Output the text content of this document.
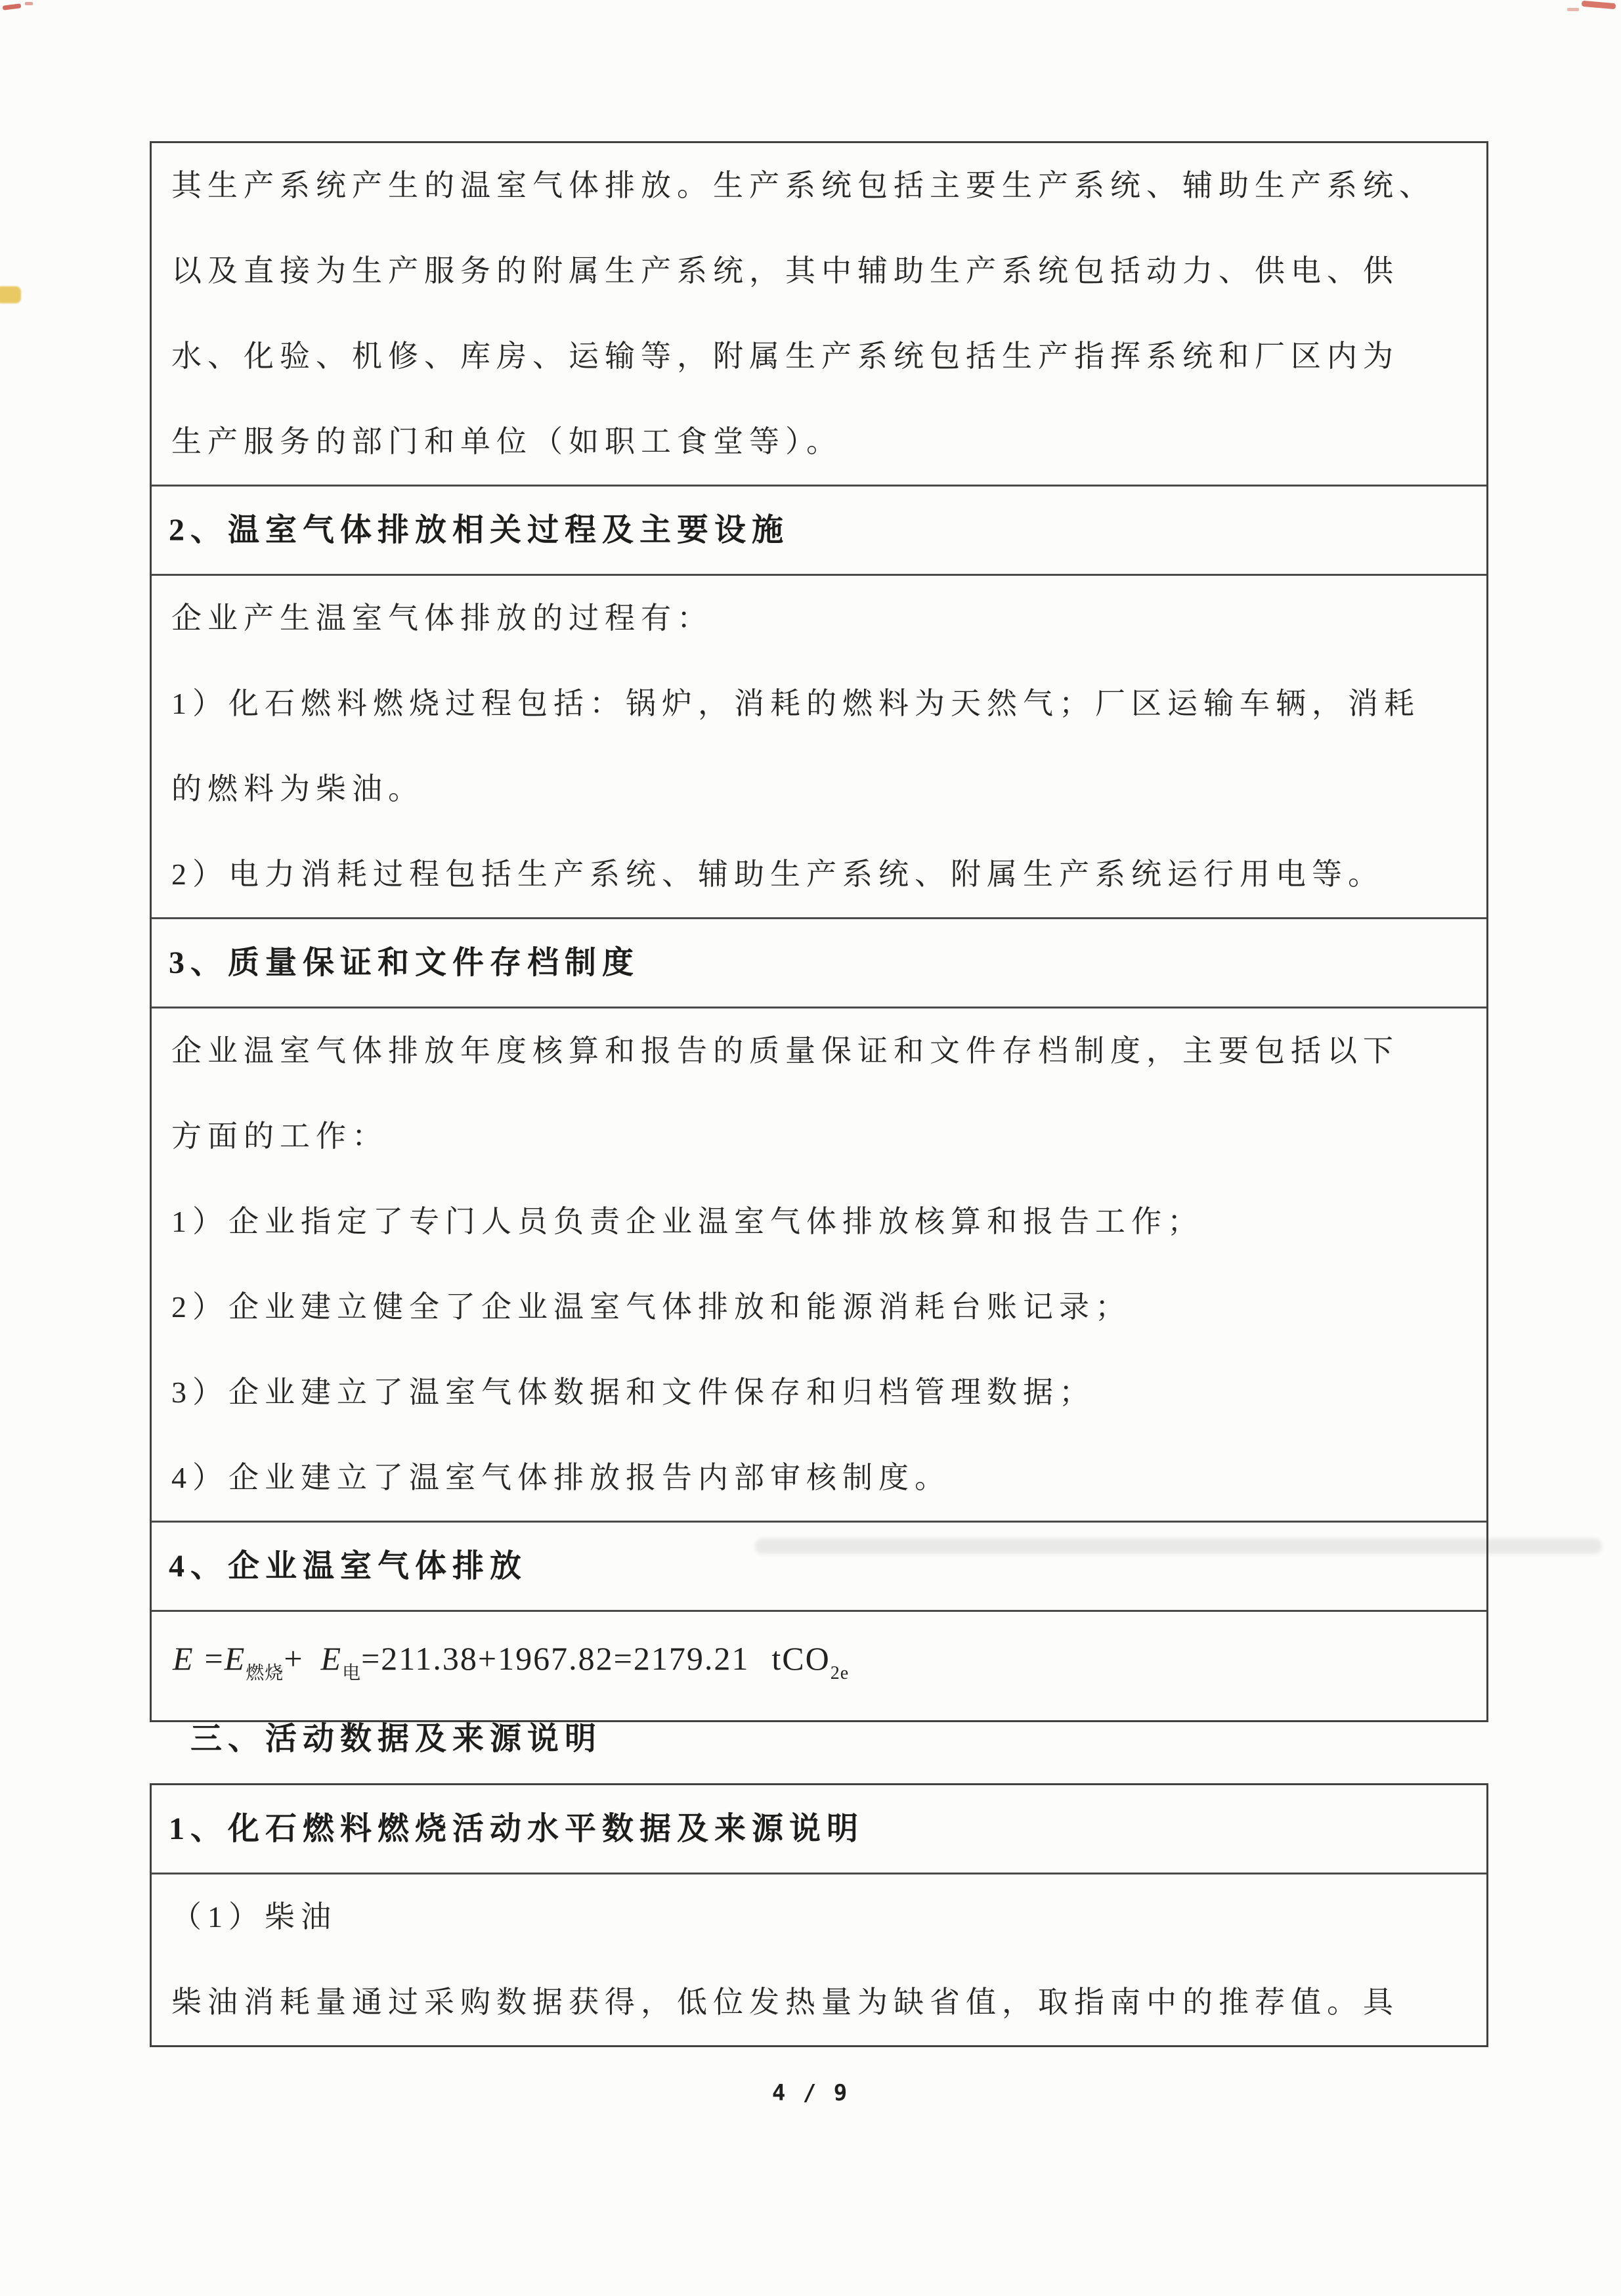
其生产系统产生的温室气体排放。生产系统包括主要生产系统、辅助生产系统、
以及直接为生产服务的附属生产系统，其中辅助生产系统包括动力、供电、供
水、化验、机修、库房、运输等，附属生产系统包括生产指挥系统和厂区内为
生产服务的部门和单位（如职工食堂等）。
2、温室气体排放相关过程及主要设施
企业产生温室气体排放的过程有：
1）化石燃料燃烧过程包括：锅炉，消耗的燃料为天然气；厂区运输车辆，消耗
的燃料为柴油。
2）电力消耗过程包括生产系统、辅助生产系统、附属生产系统运行用电等。
3、质量保证和文件存档制度
企业温室气体排放年度核算和报告的质量保证和文件存档制度，主要包括以下
方面的工作：
1）企业指定了专门人员负责企业温室气体排放核算和报告工作；
2）企业建立健全了企业温室气体排放和能源消耗台账记录；
3）企业建立了温室气体数据和文件保存和归档管理数据；
4）企业建立了温室气体排放报告内部审核制度。
4、企业温室气体排放
$E =E_{燃烧}+ E_电=211.38+1967.82=2179.21$ tCO$_{2e}$
三、活动数据及来源说明
1、化石燃料燃烧活动水平数据及来源说明
（1）柴油
柴油消耗量通过采购数据获得，低位发热量为缺省值，取指南中的推荐值。具
4 / 9
